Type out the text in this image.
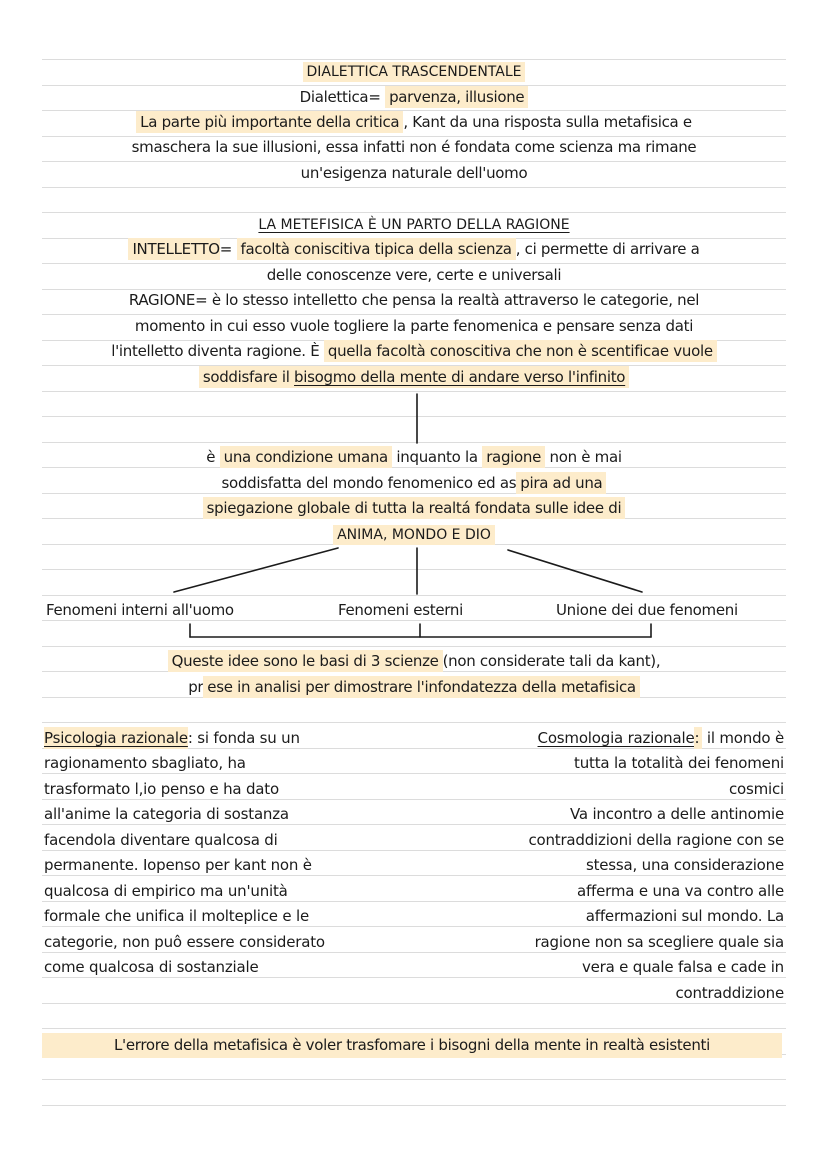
DIALETTICA TRASCENDENTALE
Dialettica= parvenza, illusione
La parte più importante della critica , Kant da una risposta sulla metafisica e
smaschera la sue illusioni, essa infatti non é fondata come scienza ma rimane
un'esigenza naturale dell'uomo
LA METEFISICA È UN PARTO DELLA RAGIONE
INTELLETTO= facoltà coniscitiva tipica della scienza , ci permette di arrivare a
delle conoscenze vere, certe e universali
RAGIONE= è lo stesso intelletto che pensa la realtà attraverso le categorie, nel
momento in cui esso vuole togliere la parte fenomenica e pensare senza dati
l'intelletto diventa ragione. È quella facoltà conoscitiva che non è scentificae vuole
soddisfare il bisogmo della mente di andare verso l'infinito
è una condizione umana inquanto la ragione non è mai
soddisfatta del mondo fenomenico ed as pira ad una
spiegazione globale di tutta la realtá fondata sulle idee di
ANIMA, MONDO E DIO
Fenomeni interni all'uomo	Fenomeni esterni	Unione dei due fenomeni
Queste idee sono le basi di 3 scienze (non considerate tali da kant),
pr ese in analisi per dimostrare l'infondatezza della metafisica
Psicologia razionale: si fonda su un
ragionamento sbagliato, ha
trasformato l,io penso e ha dato
all'anime la categoria di sostanza
facendola diventare qualcosa di
permanente. Iopenso per kant non è
qualcosa di empirico ma un'unità
formale che unifica il molteplice e le
categorie, non puô essere considerato
come qualcosa di sostanziale
Cosmologia razionale: il mondo è
tutta la totalità dei fenomeni
cosmici
Va incontro a delle antinomie
contraddizioni della ragione con se
stessa, una considerazione
afferma e una va contro alle
affermazioni sul mondo. La
ragione non sa scegliere quale sia
vera e quale falsa e cade in
contraddizione
L'errore della metafisica è voler trasfomare i bisogni della mente in realtà esistenti
